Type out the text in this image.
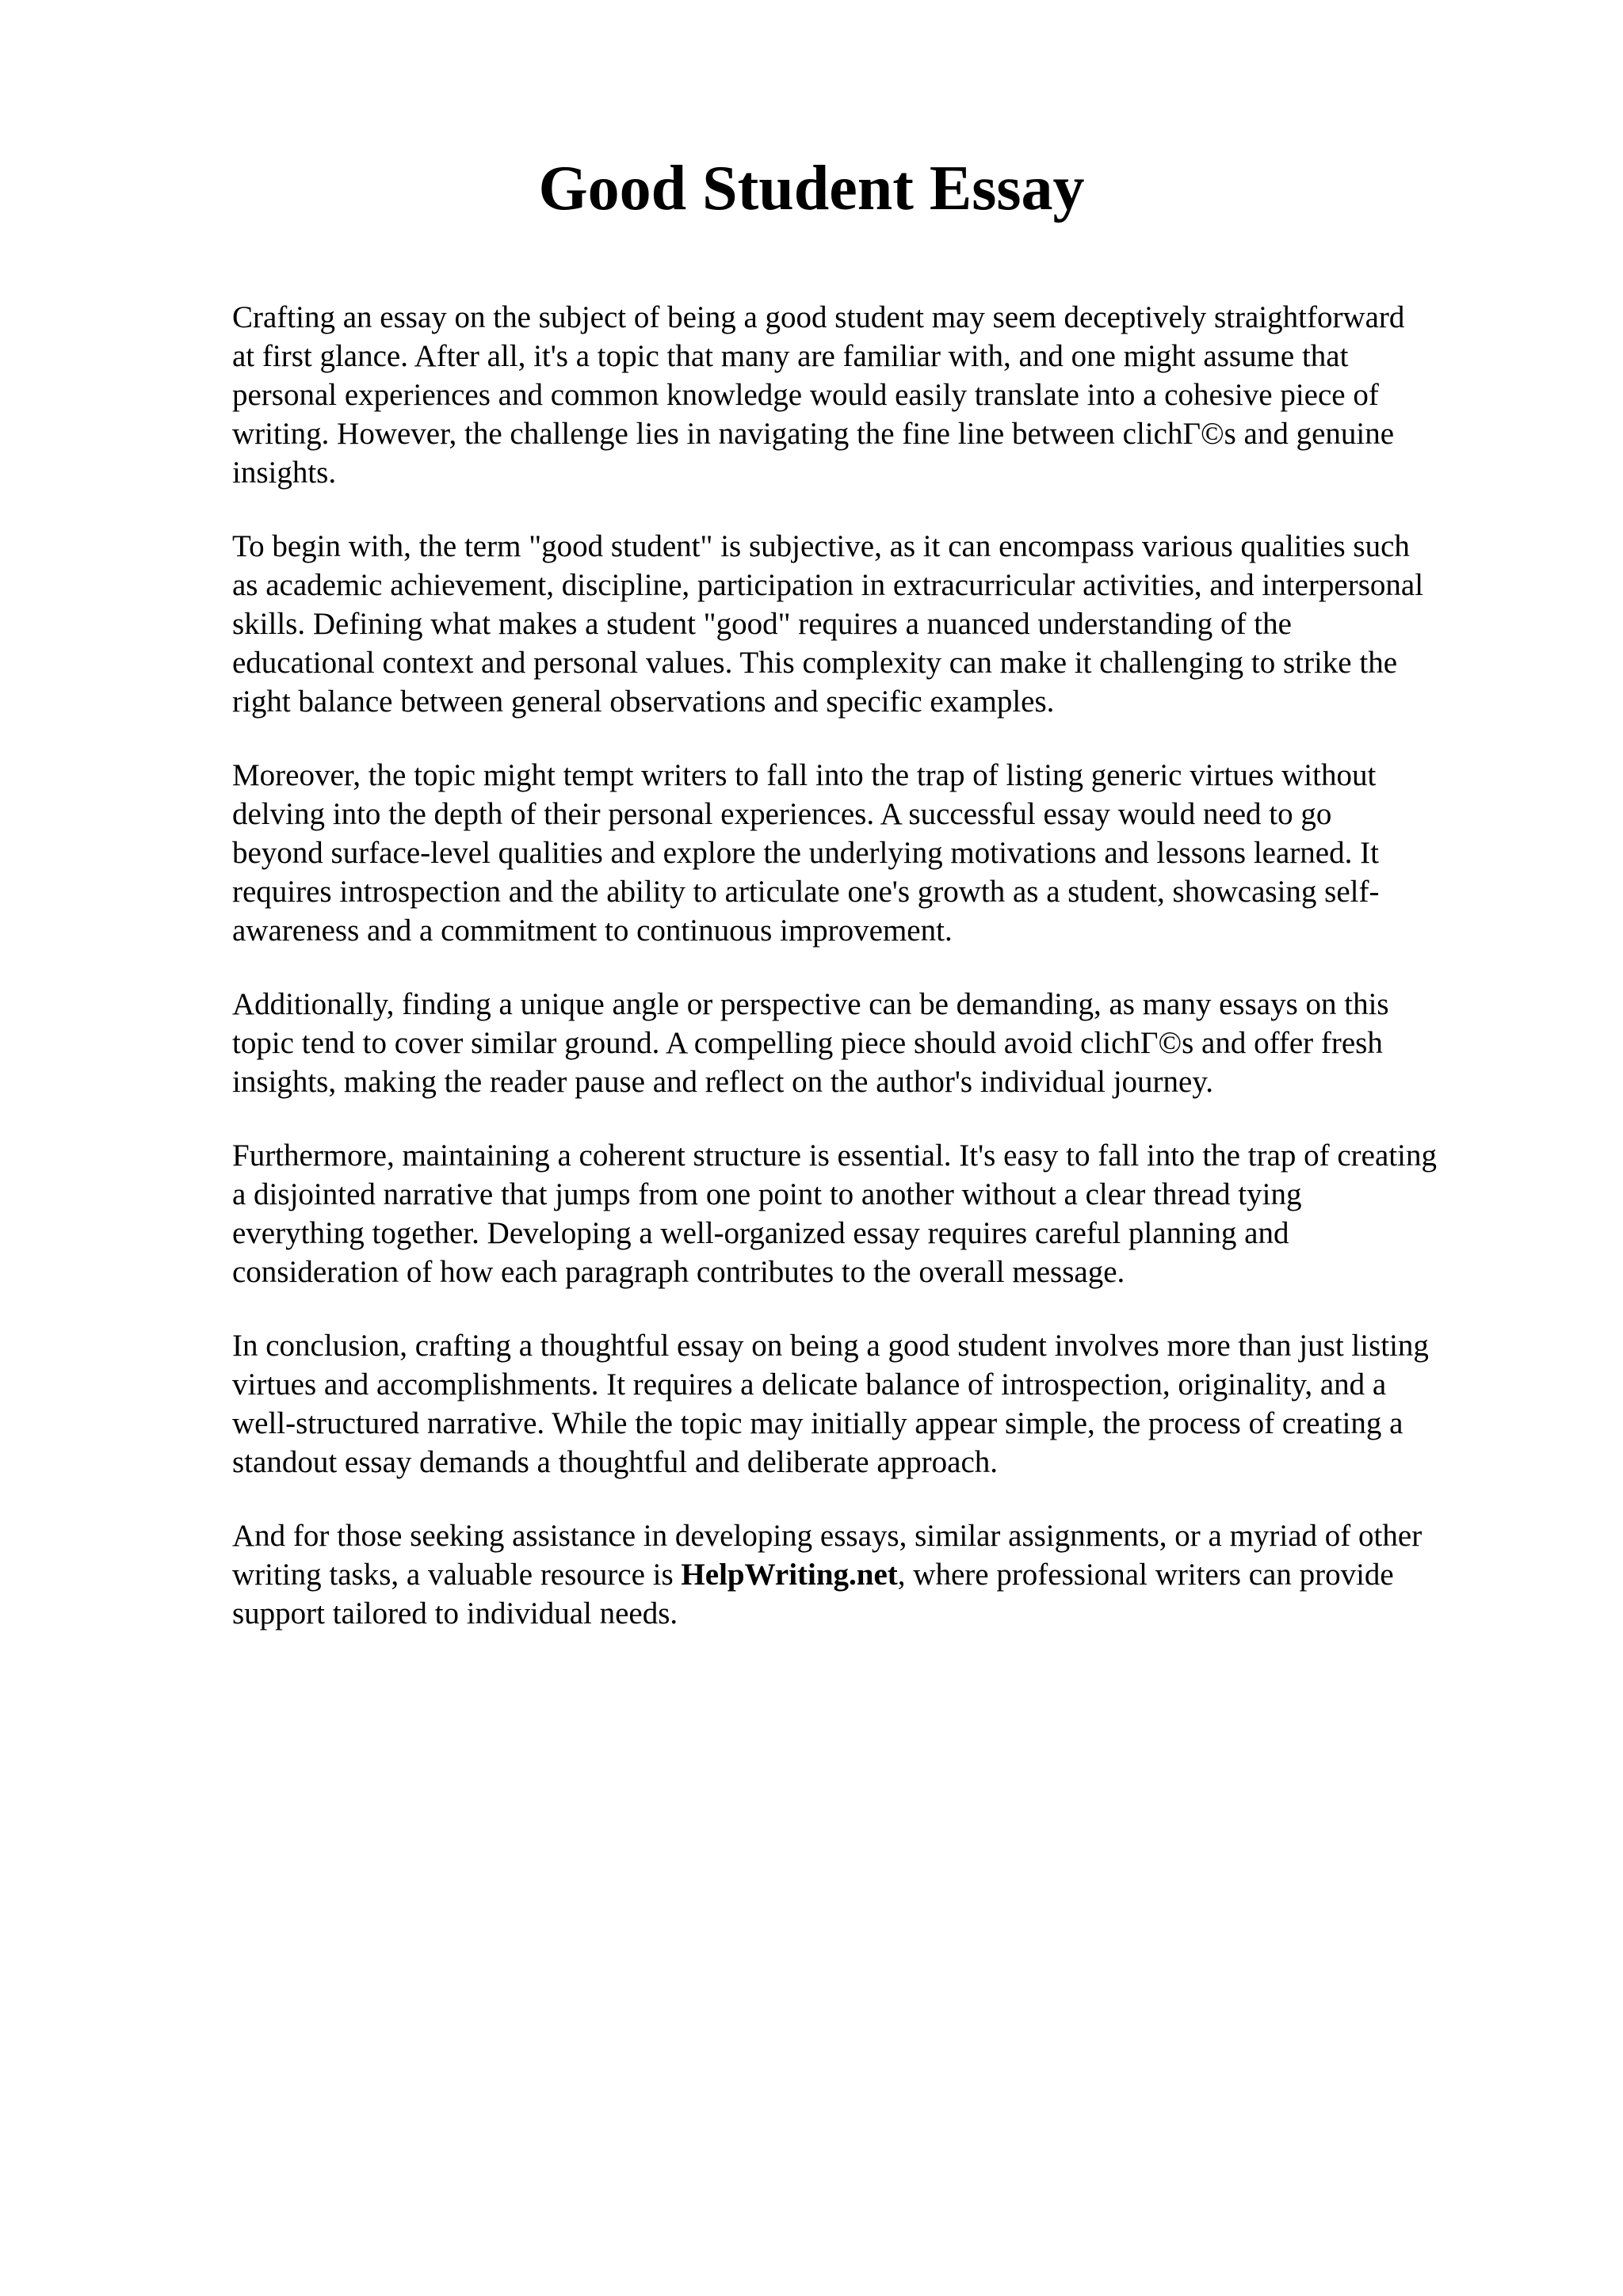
Good Student Essay

Crafting an essay on the subject of being a good student may seem deceptively straightforward
at first glance. After all, it's a topic that many are familiar with, and one might assume that
personal experiences and common knowledge would easily translate into a cohesive piece of
writing. However, the challenge lies in navigating the fine line between clichΓ©s and genuine
insights.

To begin with, the term "good student" is subjective, as it can encompass various qualities such
as academic achievement, discipline, participation in extracurricular activities, and interpersonal
skills. Defining what makes a student "good" requires a nuanced understanding of the
educational context and personal values. This complexity can make it challenging to strike the
right balance between general observations and specific examples.

Moreover, the topic might tempt writers to fall into the trap of listing generic virtues without
delving into the depth of their personal experiences. A successful essay would need to go
beyond surface-level qualities and explore the underlying motivations and lessons learned. It
requires introspection and the ability to articulate one's growth as a student, showcasing self-
awareness and a commitment to continuous improvement.

Additionally, finding a unique angle or perspective can be demanding, as many essays on this
topic tend to cover similar ground. A compelling piece should avoid clichΓ©s and offer fresh
insights, making the reader pause and reflect on the author's individual journey.

Furthermore, maintaining a coherent structure is essential. It's easy to fall into the trap of creating
a disjointed narrative that jumps from one point to another without a clear thread tying
everything together. Developing a well-organized essay requires careful planning and
consideration of how each paragraph contributes to the overall message.

In conclusion, crafting a thoughtful essay on being a good student involves more than just listing
virtues and accomplishments. It requires a delicate balance of introspection, originality, and a
well-structured narrative. While the topic may initially appear simple, the process of creating a
standout essay demands a thoughtful and deliberate approach.

And for those seeking assistance in developing essays, similar assignments, or a myriad of other
writing tasks, a valuable resource is HelpWriting.net, where professional writers can provide
support tailored to individual needs.
